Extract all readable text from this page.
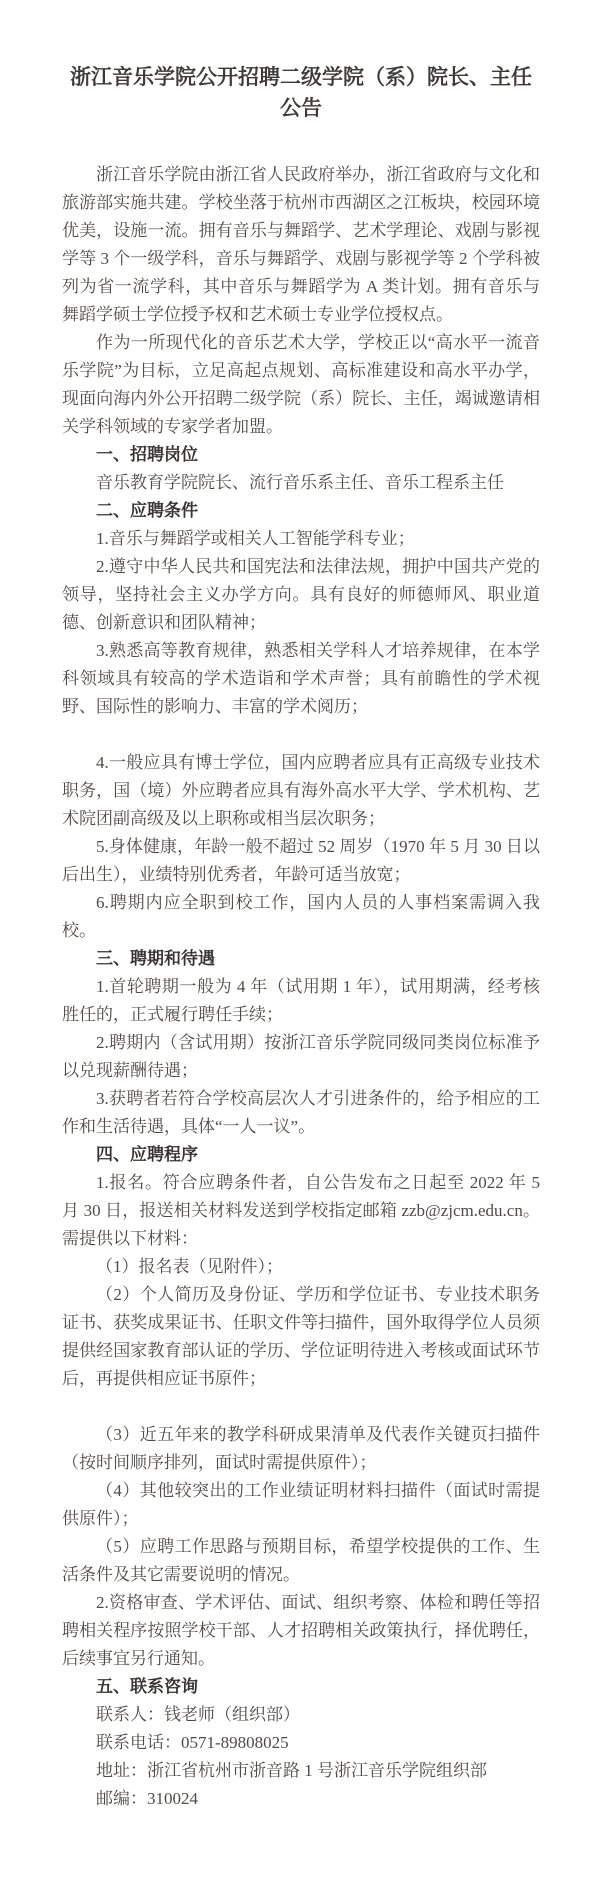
浙江音乐学院公开招聘二级学院（系）院长、主任公告

浙江音乐学院由浙江省人民政府举办，浙江省政府与文化和旅游部实施共建。学校坐落于杭州市西湖区之江板块，校园环境优美，设施一流。拥有音乐与舞蹈学、艺术学理论、戏剧与影视学等 3 个一级学科，音乐与舞蹈学、戏剧与影视学等 2 个学科被列为省一流学科，其中音乐与舞蹈学为 A 类计划。拥有音乐与舞蹈学硕士学位授予权和艺术硕士专业学位授权点。

作为一所现代化的音乐艺术大学，学校正以“高水平一流音乐学院”为目标，立足高起点规划、高标准建设和高水平办学，现面向海内外公开招聘二级学院（系）院长、主任，竭诚邀请相关学科领域的专家学者加盟。

一、招聘岗位

音乐教育学院院长、流行音乐系主任、音乐工程系主任

二、应聘条件

1.音乐与舞蹈学或相关人工智能学科专业；

2.遵守中华人民共和国宪法和法律法规，拥护中国共产党的领导，坚持社会主义办学方向。具有良好的师德师风、职业道德、创新意识和团队精神；

3.熟悉高等教育规律，熟悉相关学科人才培养规律，在本学科领域具有较高的学术造诣和学术声誉；具有前瞻性的学术视野、国际性的影响力、丰富的学术阅历；

4.一般应具有博士学位，国内应聘者应具有正高级专业技术职务，国（境）外应聘者应具有海外高水平大学、学术机构、艺术院团副高级及以上职称或相当层次职务；

5.身体健康，年龄一般不超过 52 周岁（1970 年 5 月 30 日以后出生），业绩特别优秀者，年龄可适当放宽；

6.聘期内应全职到校工作，国内人员的人事档案需调入我校。

三、聘期和待遇

1.首轮聘期一般为 4 年（试用期 1 年），试用期满，经考核胜任的，正式履行聘任手续；

2.聘期内（含试用期）按浙江音乐学院同级同类岗位标准予以兑现薪酬待遇；

3.获聘者若符合学校高层次人才引进条件的，给予相应的工作和生活待遇，具体“一人一议”。

四、应聘程序

1.报名。符合应聘条件者，自公告发布之日起至 2022 年 5 月 30 日，报送相关材料发送到学校指定邮箱 zzb@zjcm.edu.cn。需提供以下材料：

（1）报名表（见附件）；

（2）个人简历及身份证、学历和学位证书、专业技术职务证书、获奖成果证书、任职文件等扫描件，国外取得学位人员须提供经国家教育部认证的学历、学位证明待进入考核或面试环节后，再提供相应证书原件；

（3）近五年来的教学科研成果清单及代表作关键页扫描件（按时间顺序排列，面试时需提供原件）；

（4）其他较突出的工作业绩证明材料扫描件（面试时需提供原件）；

（5）应聘工作思路与预期目标，希望学校提供的工作、生活条件及其它需要说明的情况。

2.资格审查、学术评估、面试、组织考察、体检和聘任等招聘相关程序按照学校干部、人才招聘相关政策执行，择优聘任，后续事宜另行通知。

五、联系咨询

联系人：钱老师（组织部）

联系电话：0571-89808025

地址：浙江省杭州市浙音路 1 号浙江音乐学院组织部

邮编：310024
